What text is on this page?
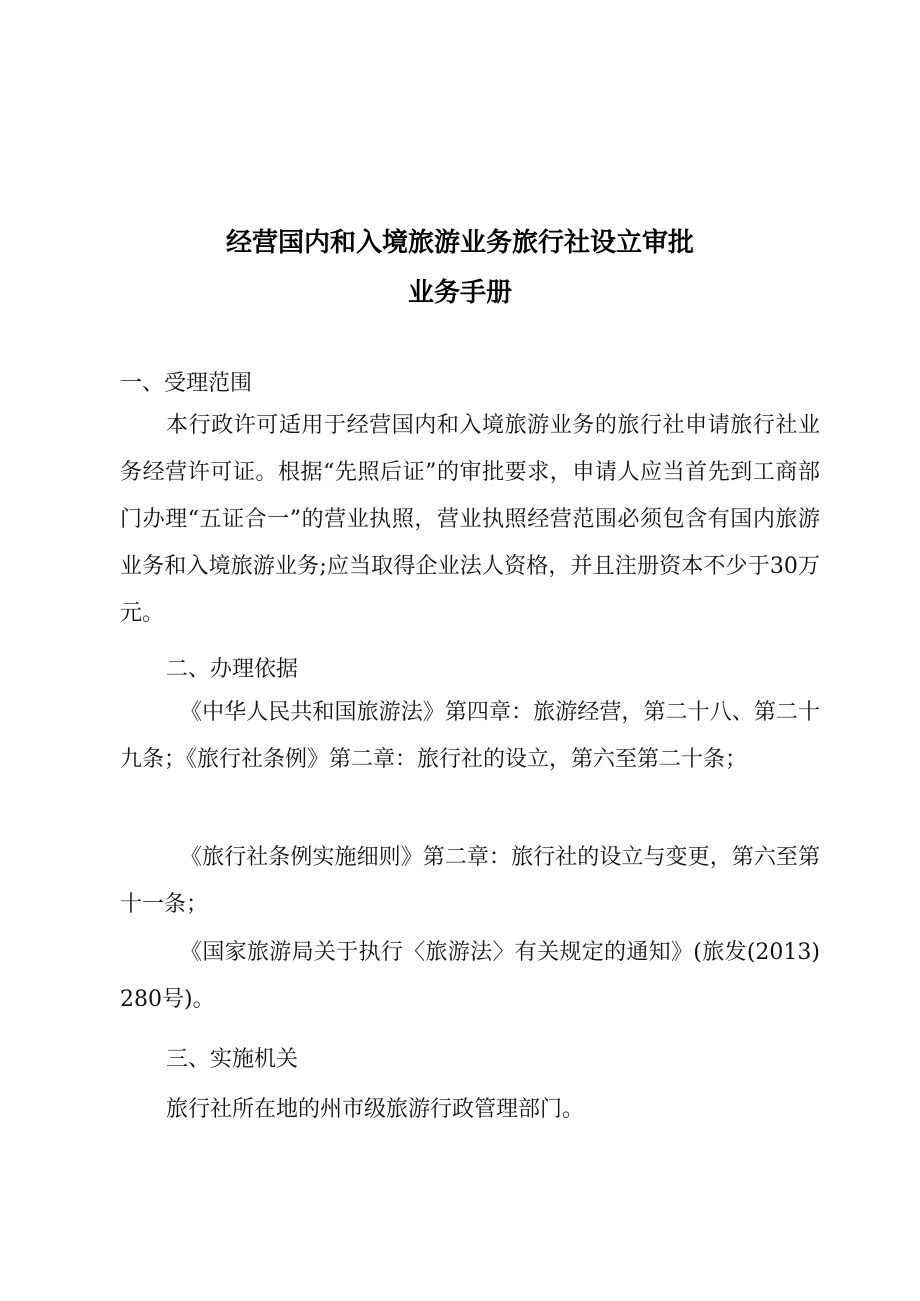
经营国内和入境旅游业务旅行社设立审批
业务手册
一、受理范围
本行政许可适用于经营国内和入境旅游业务的旅行社申请旅行社业务经营许可证。根据“先照后证”的审批要求，申请人应当首先到工商部门办理“五证合一”的营业执照，营业执照经营范围必须包含有国内旅游业务和入境旅游业务;应当取得企业法人资格，并且注册资本不少于30万元。
二、办理依据
《中华人民共和国旅游法》第四章：旅游经营，第二十八、第二十九条；《旅行社条例》第二章：旅行社的设立，第六至第二十条；
《旅行社条例实施细则》第二章：旅行社的设立与变更，第六至第十一条；
《国家旅游局关于执行〈旅游法〉有关规定的通知》(旅发(2013)280号)。
三、实施机关
旅行社所在地的州市级旅游行政管理部门。
